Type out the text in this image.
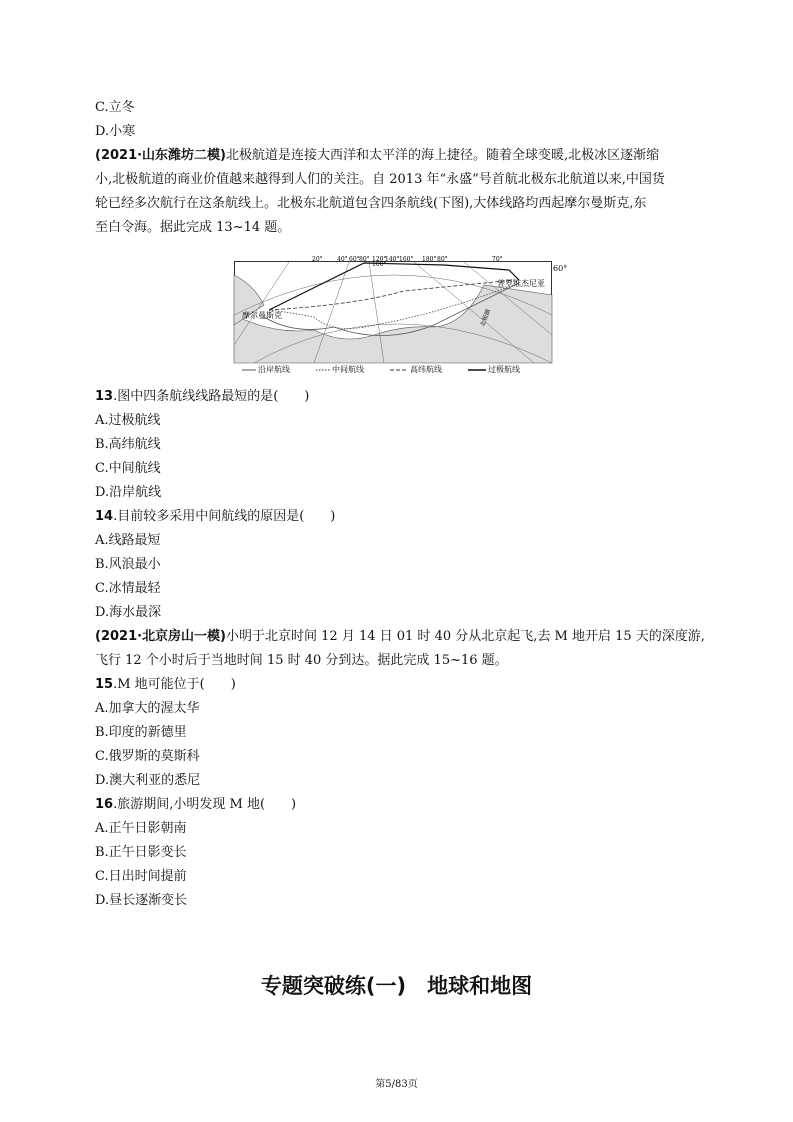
C.立冬
D.小寒
(2021·山东潍坊二模)北极航道是连接大西洋和太平洋的海上捷径。随着全球变暖,北极冰区逐渐缩
小,北极航道的商业价值越来越得到人们的关注。自 2013 年“永盛”号首航北极东北航道以来,中国货
轮已经多次航行在这条航线上。北极东北航道包含四条航线(下图),大体线路均西起摩尔曼斯克,东
至白令海。据此完成 13~14 题。
20° 40° 60° 80°
100°
120°
140° 160° 180° 80°	70°
60°
摩尔曼斯克
普罗维杰尼亚
北极圈
沿岸航线	中间航线	高纬航线	过极航线
13.图中四条航线线路最短的是(　　)
A.过极航线
B.高纬航线
C.中间航线
D.沿岸航线
14.目前较多采用中间航线的原因是(　　)
A.线路最短
B.风浪最小
C.冰情最轻
D.海水最深
(2021·北京房山一模)小明于北京时间 12 月 14 日 01 时 40 分从北京起飞,去 M 地开启 15 天的深度游,
飞行 12 个小时后于当地时间 15 时 40 分到达。据此完成 15~16 题。
15.M 地可能位于(　　)
A.加拿大的渥太华
B.印度的新德里
C.俄罗斯的莫斯科
D.澳大利亚的悉尼
16.旅游期间,小明发现 M 地(　　)
A.正午日影朝南
B.正午日影变长
C.日出时间提前
D.昼长逐渐变长
专题突破练(一)　地球和地图
第5/83页
